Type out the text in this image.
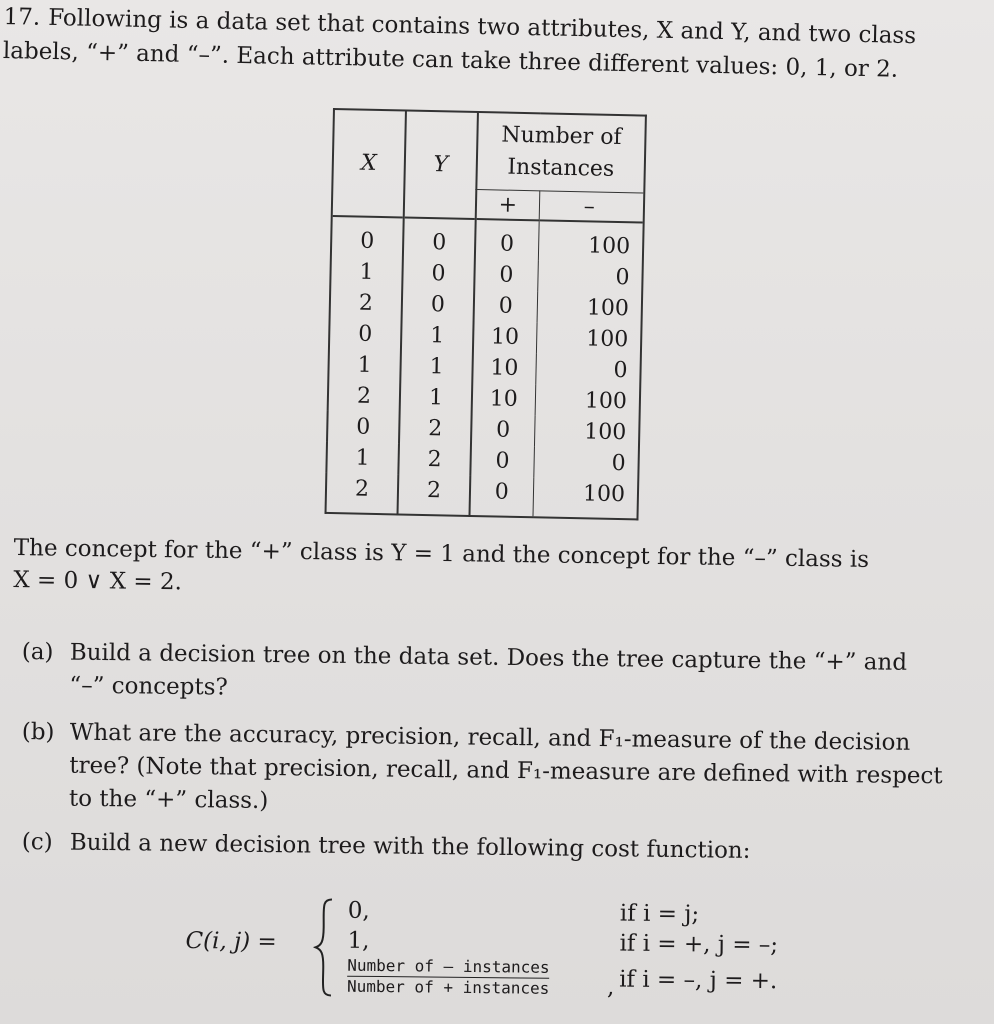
17. Following is a data set that contains two attributes, X and Y, and two class labels, “+” and “–”. Each attribute can take three different values: 0, 1, or 2.
X	Y	Number of Instances	
		+	–
0	0	0	100
1	0	0	0
2	0	0	100
0	1	10	100
1	1	10	0
2	1	10	100
0	2	0	100
1	2	0	0
2	2	0	100
The concept for the “+” class is Y = 1 and the concept for the “–” class is
X = 0 ∨ X = 2.
(a) Build a decision tree on the data set. Does the tree capture the “+” and
“–” concepts?
(b) What are the accuracy, precision, recall, and F₁-measure of the decision
tree? (Note that precision, recall, and F₁-measure are defined with respect
to the “+” class.)
(c) Build a new decision tree with the following cost function:
C(i, j) =
0,
1,
Number of – instances
Number of + instances ,
if i = j;
if i = +, j = –;
if i = –, j = +.
